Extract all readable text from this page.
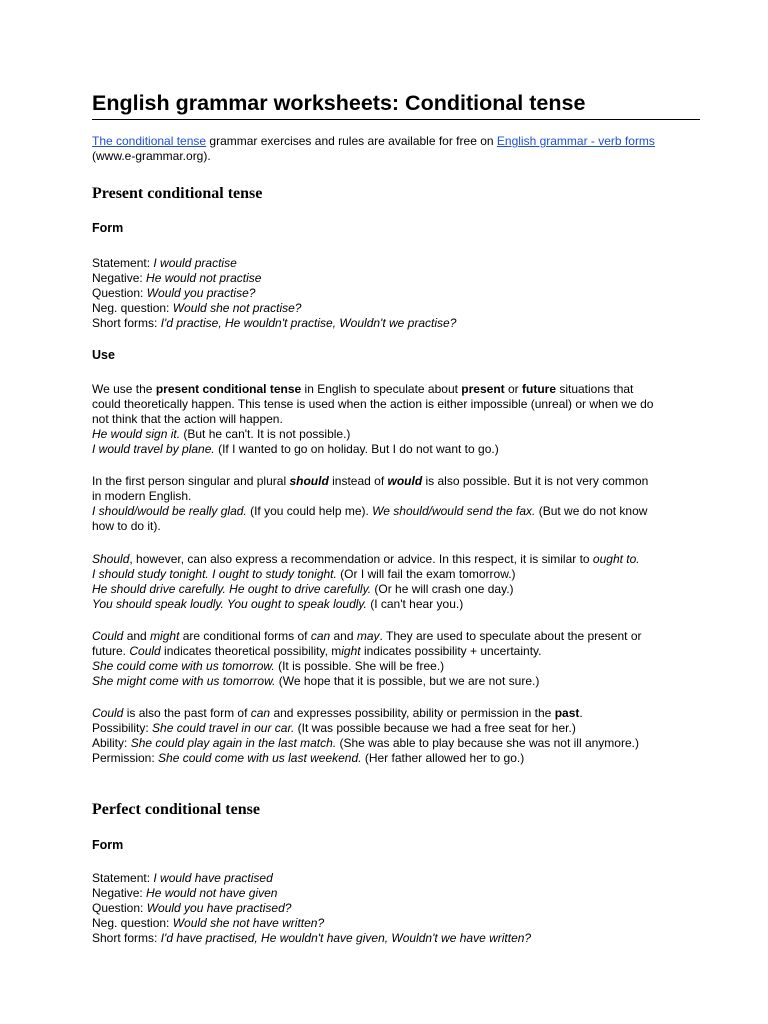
English grammar worksheets: Conditional tense
The conditional tense grammar exercises and rules are available for free on English grammar - verb forms
(www.e-grammar.org).
Present conditional tense
Form
Statement: I would practise
Negative: He would not practise
Question: Would you practise?
Neg. question: Would she not practise?
Short forms: I'd practise, He wouldn't practise, Wouldn't we practise?
Use
We use the present conditional tense in English to speculate about present or future situations that
could theoretically happen. This tense is used when the action is either impossible (unreal) or when we do
not think that the action will happen.
He would sign it. (But he can't. It is not possible.)
I would travel by plane. (If I wanted to go on holiday. But I do not want to go.)
In the first person singular and plural should instead of would is also possible. But it is not very common
in modern English.
I should/would be really glad. (If you could help me). We should/would send the fax. (But we do not know
how to do it).
Should, however, can also express a recommendation or advice. In this respect, it is similar to ought to.
I should study tonight. I ought to study tonight. (Or I will fail the exam tomorrow.)
He should drive carefully. He ought to drive carefully. (Or he will crash one day.)
You should speak loudly. You ought to speak loudly. (I can't hear you.)
Could and might are conditional forms of can and may. They are used to speculate about the present or
future. Could indicates theoretical possibility, might indicates possibility + uncertainty.
She could come with us tomorrow. (It is possible. She will be free.)
She might come with us tomorrow. (We hope that it is possible, but we are not sure.)
Could is also the past form of can and expresses possibility, ability or permission in the past.
Possibility: She could travel in our car. (It was possible because we had a free seat for her.)
Ability: She could play again in the last match. (She was able to play because she was not ill anymore.)
Permission: She could come with us last weekend. (Her father allowed her to go.)
Perfect conditional tense
Form
Statement: I would have practised
Negative: He would not have given
Question: Would you have practised?
Neg. question: Would she not have written?
Short forms: I'd have practised, He wouldn't have given, Wouldn't we have written?
